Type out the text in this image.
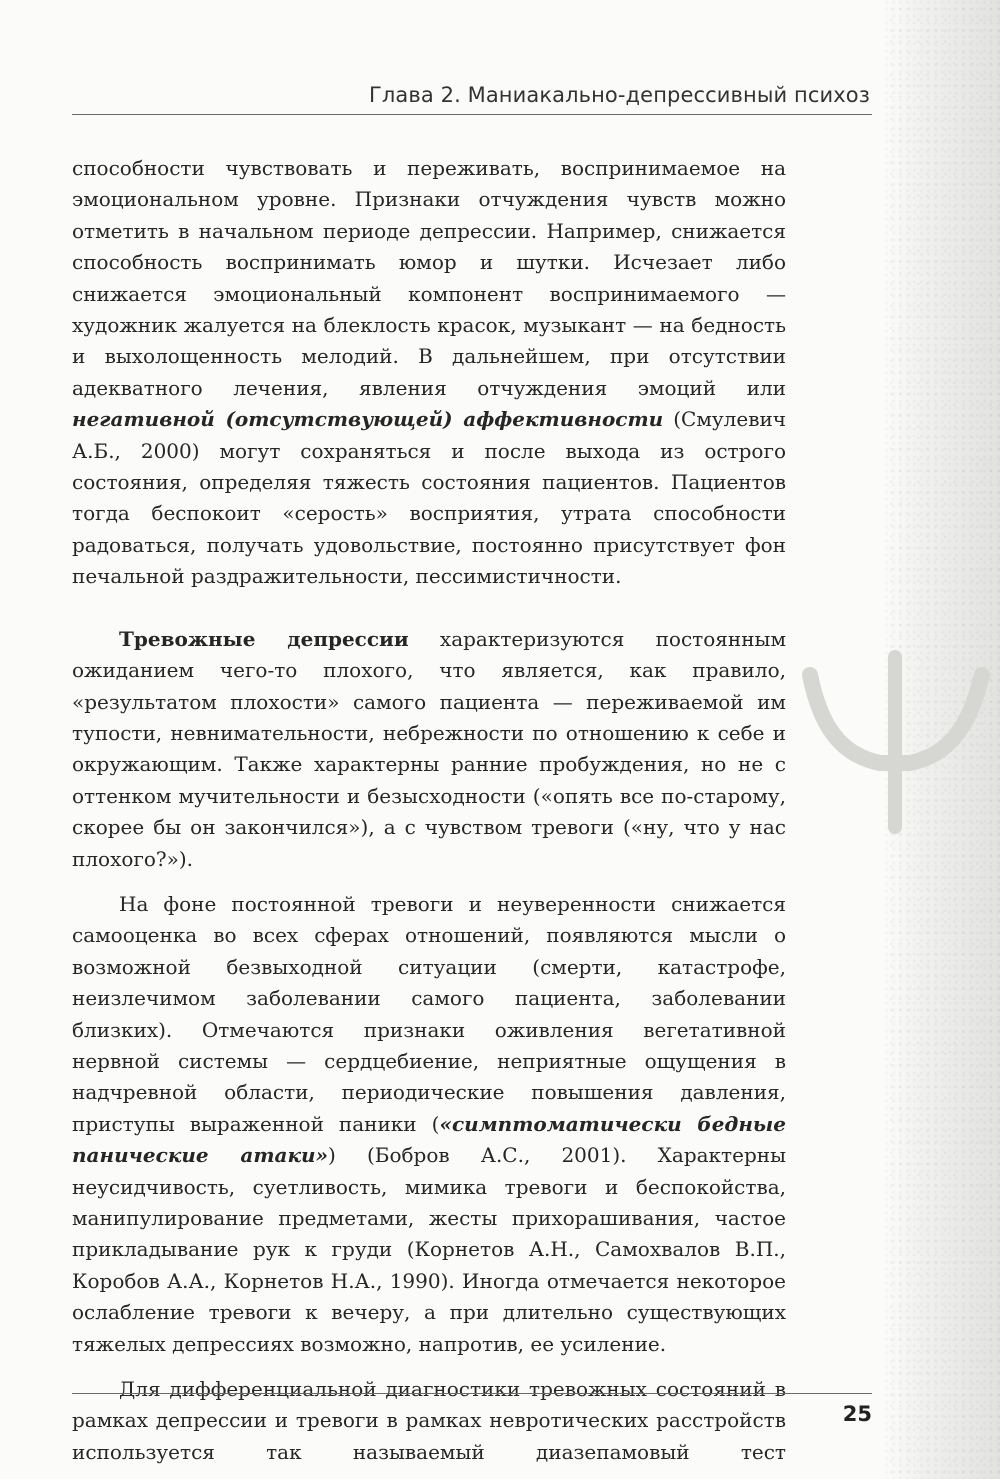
Глава 2. Маниакально-депрессивный психоз

способности чувствовать и переживать, воспринимаемое на эмоциональном уровне. Признаки отчуждения чувств можно отметить в начальном периоде депрессии. Например, снижается способность воспринимать юмор и шутки. Исчезает либо снижается эмоциональный компонент воспринимаемого — художник жалуется на блеклость красок, музыкант — на бедность и выхолощенность мелодий. В дальнейшем, при отсутствии адекватного лечения, явления отчуждения эмоций или негативной (отсутствующей) аффективности (Смулевич А.Б., 2000) могут сохраняться и после выхода из острого состояния, определяя тяжесть состояния пациентов. Пациентов тогда беспокоит «серость» восприятия, утрата способности радоваться, получать удовольствие, постоянно присутствует фон печальной раздражительности, пессимистичности.

Тревожные депрессии характеризуются постоянным ожиданием чего-то плохого, что является, как правило, «результатом плохости» самого пациента — переживаемой им тупости, невнимательности, небрежности по отношению к себе и окружающим. Также характерны ранние пробуждения, но не с оттенком мучительности и безысходности («опять все по-старому, скорее бы он закончился»), а с чувством тревоги («ну, что у нас плохого?»).

На фоне постоянной тревоги и неуверенности снижается самооценка во всех сферах отношений, появляются мысли о возможной безвыходной ситуации (смерти, катастрофе, неизлечимом заболевании самого пациента, заболевании близких). Отмечаются признаки оживления вегетативной нервной системы — сердцебиение, неприятные ощущения в надчревной области, периодические повышения давления, приступы выраженной паники («симптоматически бедные панические атаки») (Бобров А.С., 2001). Характерны неусидчивость, суетливость, мимика тревоги и беспокойства, манипулирование предметами, жесты прихорашивания, частое прикладывание рук к груди (Корнетов А.Н., Самохвалов В.П., Коробов А.А., Корнетов Н.А., 1990). Иногда отмечается некоторое ослабление тревоги к вечеру, а при длительно существующих тяжелых депрессиях возможно, напротив, ее усиление.

Для дифференциальной диагностики тревожных состояний в рамках депрессии и тревоги в рамках невротических расстройств используется так называемый диазепамовый тест

25
